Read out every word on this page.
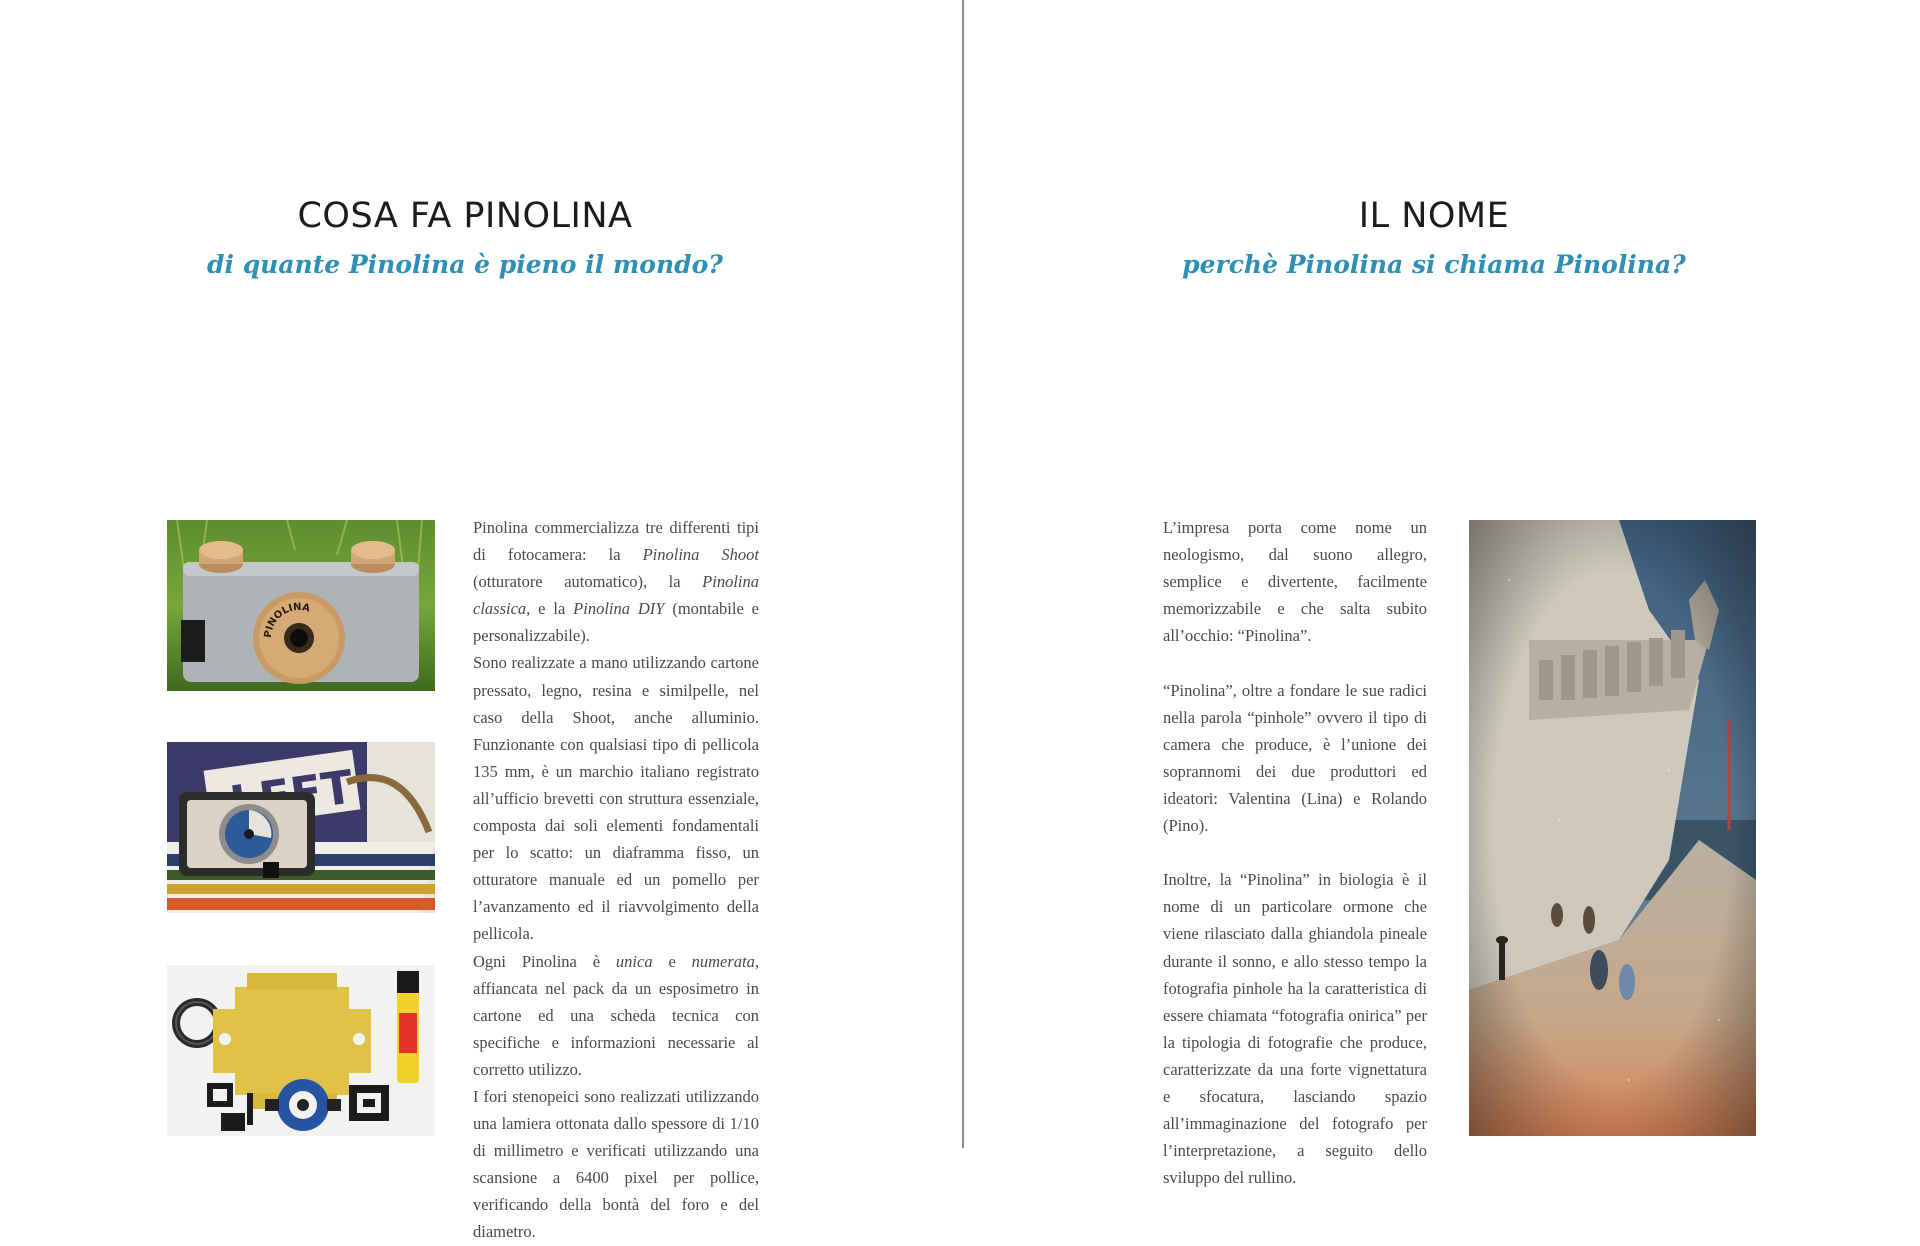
COSA FA PINOLINA
di quante Pinolina è pieno il mondo?
PINOLINA

Pinolina commercializza tre differenti tipi di fotocamera: la Pinolina Shoot (otturatore automatico), la Pinolina classica, e la Pinolina DIY (montabile e personalizzabile).

Sono realizzate a mano utilizzando cartone pressato, legno, resina e similpelle, nel caso della Shoot, anche alluminio. Funzionante con qualsiasi tipo di pellicola 135 mm, è un marchio italiano registrato all’ufficio brevetti con struttura essenziale, composta dai soli elementi fondamentali per lo scatto: un diaframma fisso, un otturatore manuale ed un pomello per l’avanzamento ed il riavvolgimento della pellicola.

Ogni Pinolina è unica e numerata, affiancata nel pack da un esposimetro in cartone ed una scheda tecnica con specifiche e informazioni necessarie al corretto utilizzo.

I fori stenopeici sono realizzati utilizzando una lamiera ottonata dallo spessore di 1/10 di millimetro e verificati utilizzando una scansione a 6400 pixel per pollice, verificando della bontà del foro e del diametro.

IL NOME
perchè Pinolina si chiama Pinolina?

L’impresa porta come nome un neologismo, dal suono allegro, semplice e divertente, facilmente memorizzabile e che salta subito all’occhio: “Pinolina”.

“Pinolina”, oltre a fondare le sue radici nella parola “pinhole” ovvero il tipo di camera che produce, è l’unione dei soprannomi dei due produttori ed ideatori: Valentina (Lina) e Rolando (Pino).

Inoltre, la “Pinolina” in biologia è il nome di un particolare ormone che viene rilasciato dalla ghiandola pineale durante il sonno, e allo stesso tempo la fotografia pinhole ha la caratteristica di essere chiamata “fotografia onirica” per la tipologia di fotografie che produce, caratterizzate da una forte vignettatura e sfocatura, lasciando spazio all’immaginazione del fotografo per l’interpretazione, a seguito dello sviluppo del rullino.
